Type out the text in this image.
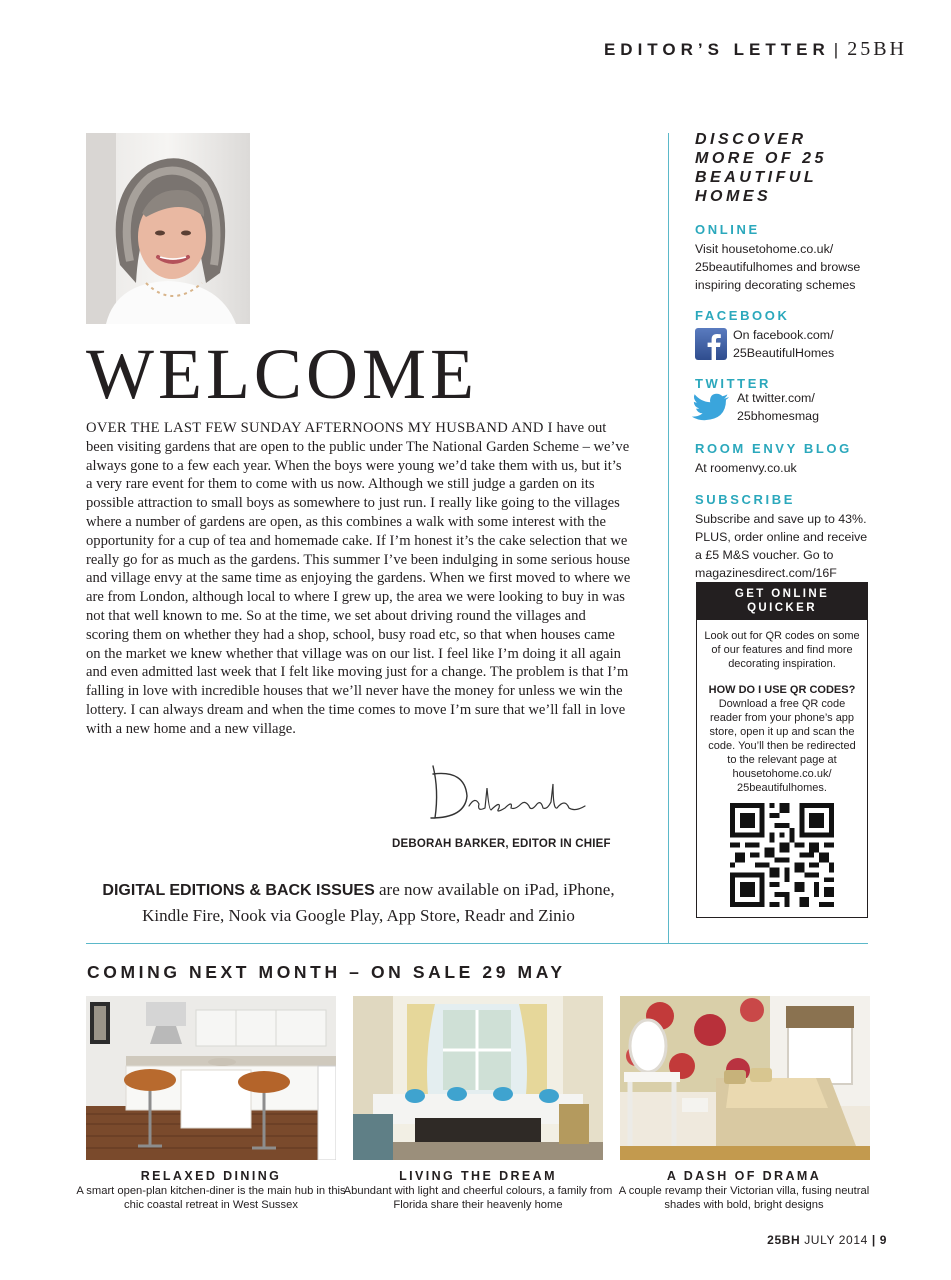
EDITOR’S LETTER | 25BH
WELCOME

OVER THE LAST FEW SUNDAY AFTERNOONS MY HUSBAND AND I have out been visiting gardens that are open to the public under The National Garden Scheme – we’ve always gone to a few each year. When the boys were young we’d take them with us, but it’s a very rare event for them to come with us now. Although we still judge a garden on its possible attraction to small boys as somewhere to just run. I really like going to the villages where a number of gardens are open, as this combines a walk with some interest with the opportunity for a cup of tea and homemade cake. If I’m honest it’s the cake selection that we really go for as much as the gardens. This summer I’ve been indulging in some serious house and village envy at the same time as enjoying the gardens. When we first moved to where we are from London, although local to where I grew up, the area we were looking to buy in was not that well known to me. So at the time, we set about driving round the villages and scoring them on whether they had a shop, school, busy road etc, so that when houses came on the market we knew whether that village was on our list. I feel like I’m doing it all again and even admitted last week that I felt like moving just for a change. The problem is that I’m falling in love with incredible houses that we’ll never have the money for unless we win the lottery. I can always dream and when the time comes to move I’m sure that we’ll fall in love with a new home and a new village.

DEBORAH BARKER, EDITOR IN CHIEF

DIGITAL EDITIONS & BACK ISSUES are now available on iPad, iPhone, Kindle Fire, Nook via Google Play, App Store, Readr and Zinio

DISCOVER MORE OF 25 BEAUTIFUL HOMES
ONLINE
Visit housetohome.co.uk/ 25beautifulhomes and browse inspiring decorating schemes
FACEBOOK
On facebook.com/ 25BeautifulHomes
TWITTER
At twitter.com/ 25bhomesmag
ROOM ENVY BLOG
At roomenvy.co.uk
SUBSCRIBE
Subscribe and save up to 43%. PLUS, order online and receive a £5 M&S voucher. Go to magazinesdirect.com/16F
GET ONLINE QUICKER
Look out for QR codes on some of our features and find more decorating inspiration.
HOW DO I USE QR CODES?
Download a free QR code reader from your phone’s app store, open it up and scan the code. You’ll then be redirected to the relevant page at housetohome.co.uk/ 25beautifulhomes.
COMING NEXT MONTH – ON SALE 29 MAY
RELAXED DINING
A smart open-plan kitchen-diner is the main hub in this chic coastal retreat in West Sussex
LIVING THE DREAM
Abundant with light and cheerful colours, a family from Florida share their heavenly home
A DASH OF DRAMA
A couple revamp their Victorian villa, fusing neutral shades with bold, bright designs
25BH JULY 2014 | 9
